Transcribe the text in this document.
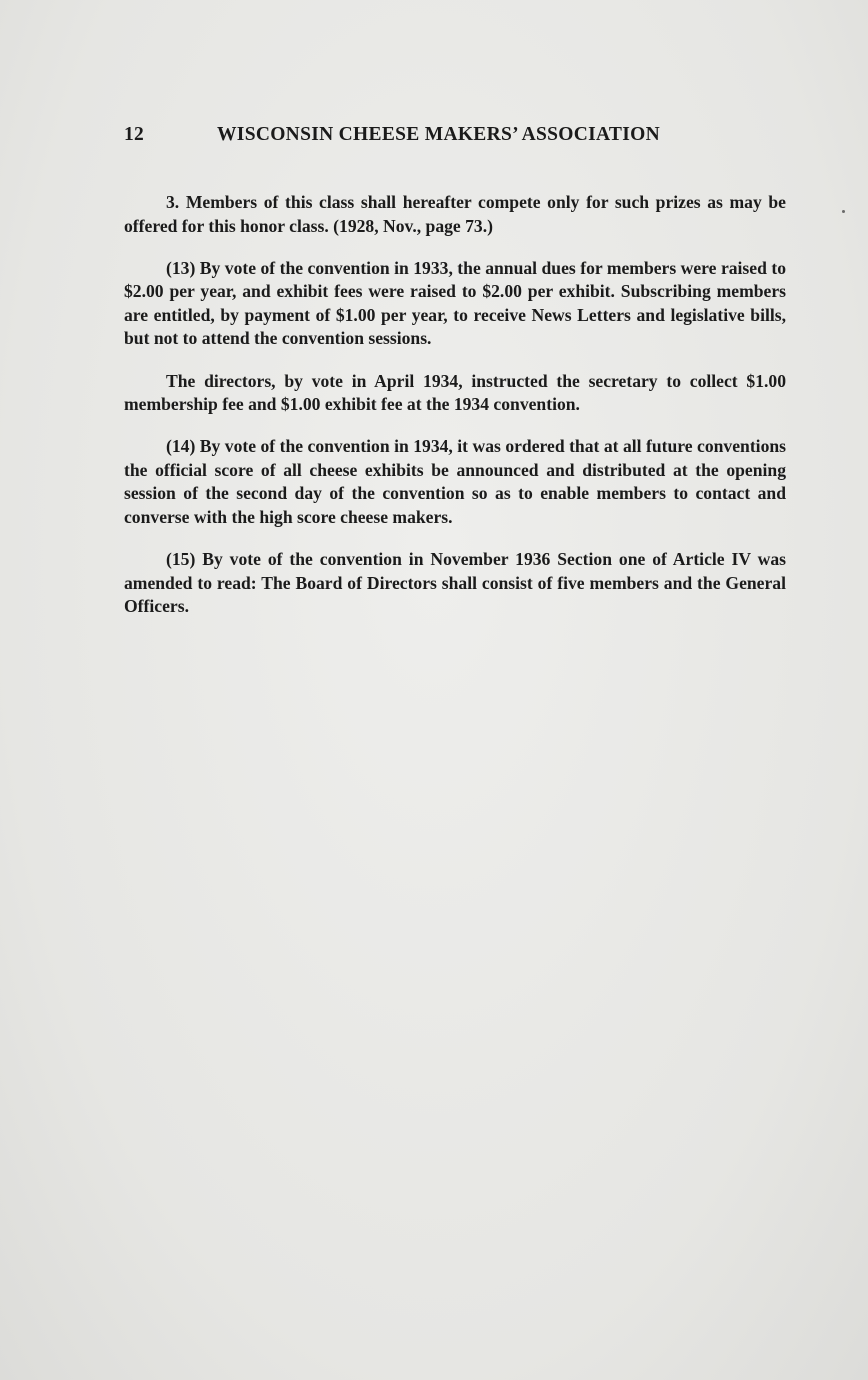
12	WISCONSIN CHEESE MAKERS’ ASSOCIATION

3. Members of this class shall hereafter compete only for such prizes as may be offered for this honor class. (1928, Nov., page 73.)

(13) By vote of the convention in 1933, the annual dues for members were raised to $2.00 per year, and exhibit fees were raised to $2.00 per exhibit. Subscribing members are entitled, by payment of $1.00 per year, to receive News Letters and legislative bills, but not to attend the convention sessions.

The directors, by vote in April 1934, instructed the secretary to collect $1.00 membership fee and $1.00 exhibit fee at the 1934 convention.

(14) By vote of the convention in 1934, it was ordered that at all future conventions the official score of all cheese exhibits be announced and distributed at the opening session of the second day of the convention so as to enable members to contact and converse with the high score cheese makers.

(15) By vote of the convention in November 1936 Section one of Article IV was amended to read: The Board of Directors shall consist of five members and the General Officers.
